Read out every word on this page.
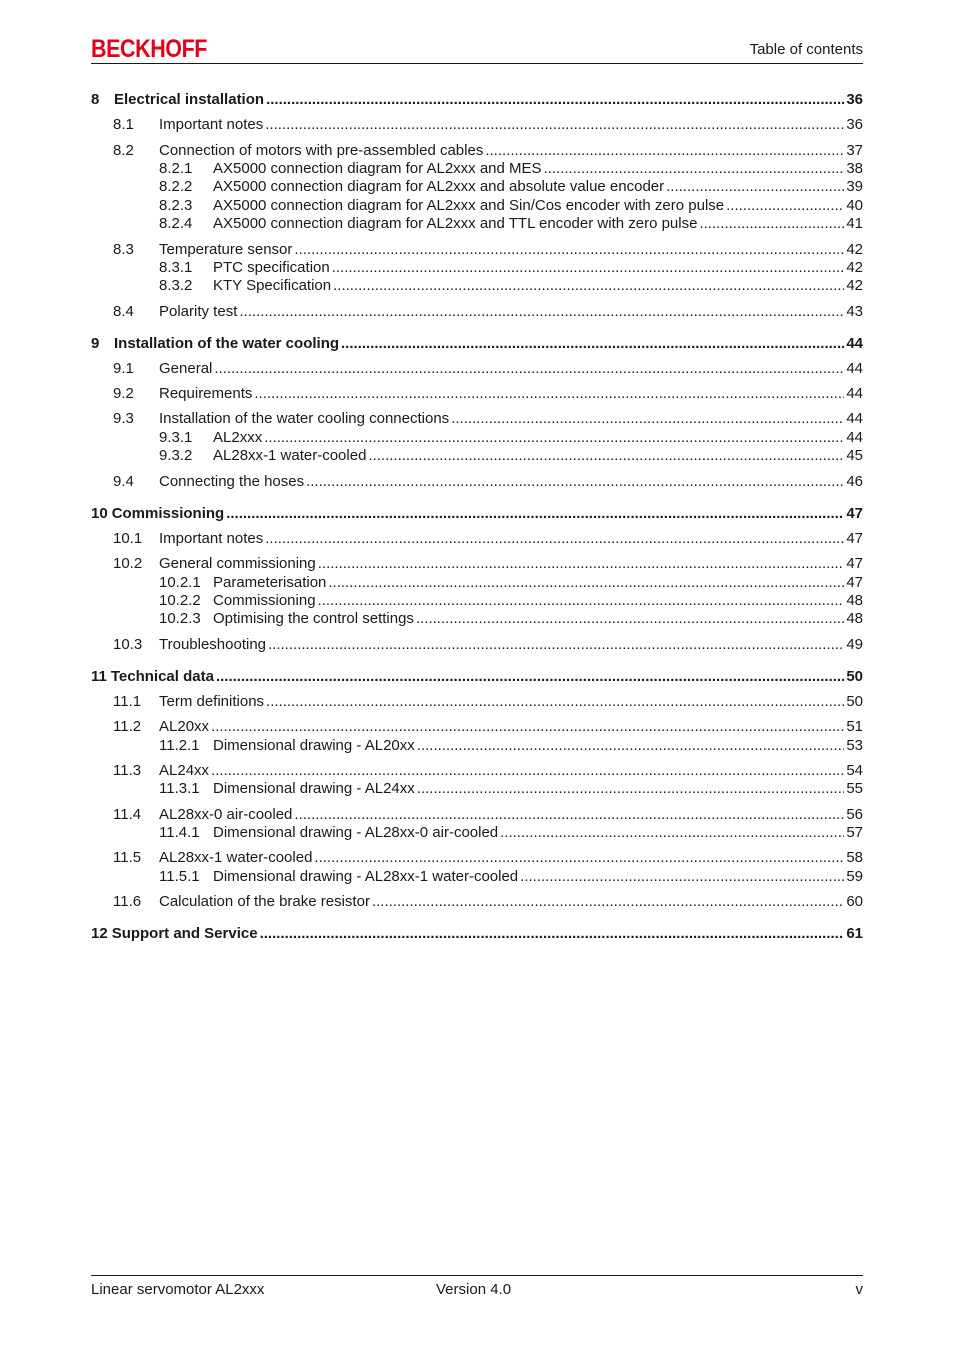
BECKHOFF	Table of contents
8 Electrical installation .....	36
8.1	Important notes .....	36
8.2	Connection of motors with pre-assembled cables .....	37
8.2.1	AX5000 connection diagram for AL2xxx and MES .....	38
8.2.2	AX5000 connection diagram for AL2xxx and absolute value encoder .....	39
8.2.3	AX5000 connection diagram for AL2xxx and Sin/Cos encoder with zero pulse .....	40
8.2.4	AX5000 connection diagram for AL2xxx and TTL encoder with zero pulse .....	41
8.3	Temperature sensor .....	42
8.3.1	PTC specification .....	42
8.3.2	KTY Specification .....	42
8.4	Polarity test .....	43
9 Installation of the water cooling .....	44
9.1	General .....	44
9.2	Requirements .....	44
9.3	Installation of the water cooling connections .....	44
9.3.1	AL2xxx .....	44
9.3.2	AL28xx-1 water-cooled .....	45
9.4	Connecting the hoses .....	46
10 Commissioning .....	47
10.1	Important notes .....	47
10.2	General commissioning .....	47
10.2.1 Parameterisation .....	47
10.2.2 Commissioning .....	48
10.2.3 Optimising the control settings .....	48
10.3	Troubleshooting .....	49
11 Technical data .....	50
11.1	Term definitions .....	50
11.2	AL20xx .....	51
11.2.1 Dimensional drawing - AL20xx .....	53
11.3	AL24xx .....	54
11.3.1 Dimensional drawing - AL24xx .....	55
11.4	AL28xx-0 air-cooled .....	56
11.4.1 Dimensional drawing - AL28xx-0 air-cooled .....	57
11.5	AL28xx-1 water-cooled .....	58
11.5.1 Dimensional drawing - AL28xx-1 water-cooled .....	59
11.6	Calculation of the brake resistor .....	60
12 Support and Service .....	61
Linear servomotor AL2xxx	Version 4.0	v
